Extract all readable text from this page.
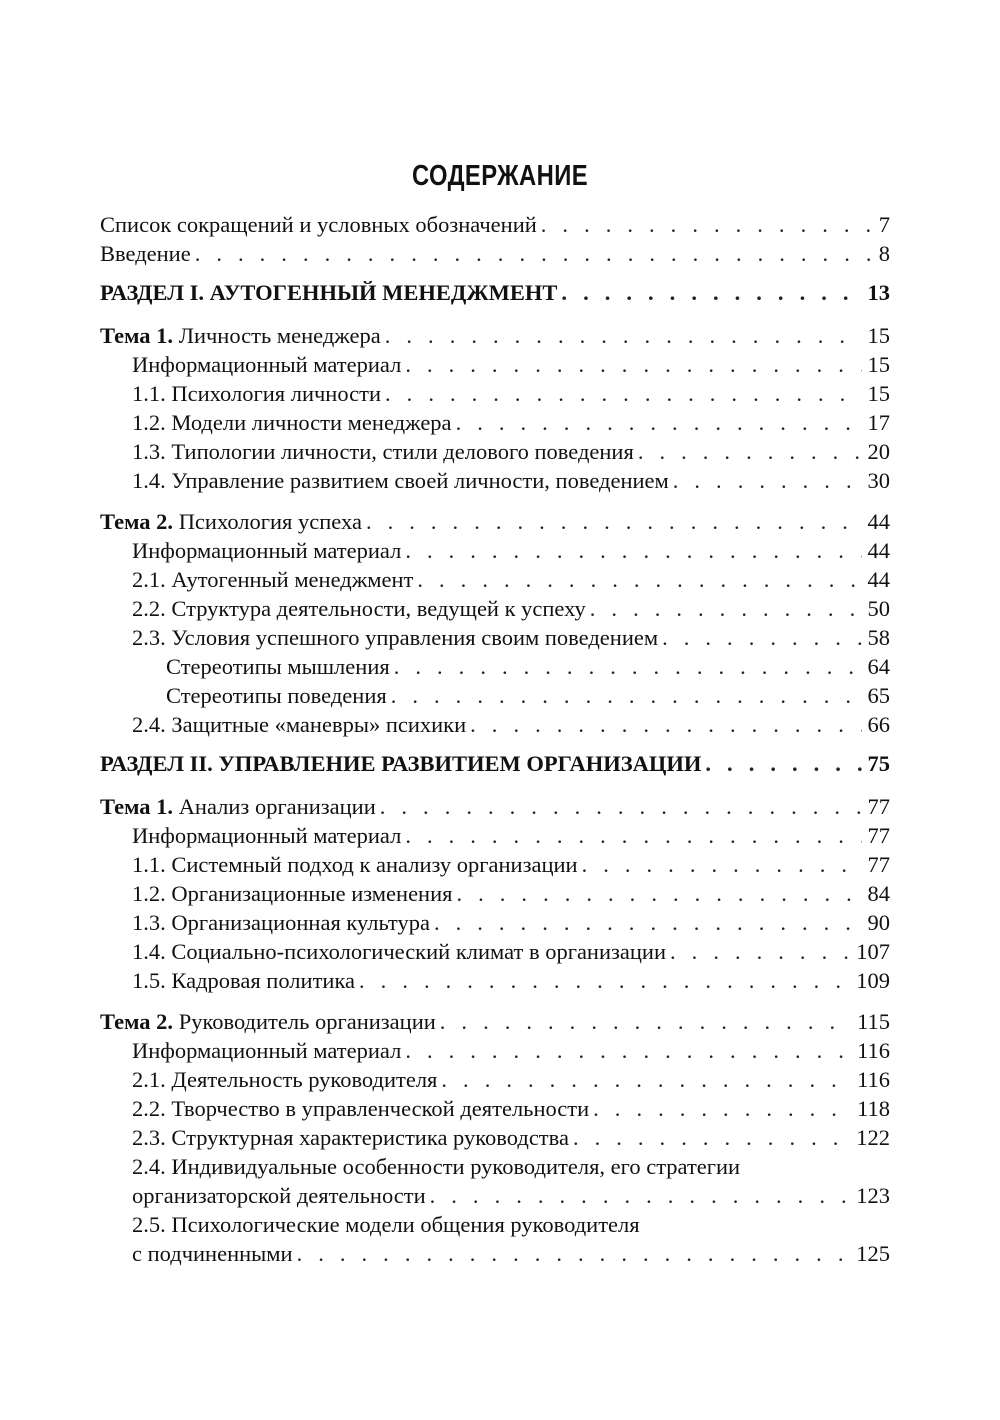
СОДЕРЖАНИЕ
Список сокращений и условных обозначений . . .	7
Введение . . .	8
РАЗДЕЛ I. АУТОГЕННЫЙ МЕНЕДЖМЕНТ . . .	13
Тема 1. Личность менеджера . . .	15
Информационный материал . . .	15
1.1. Психология личности . . .	15
1.2. Модели личности менеджера . . .	17
1.3. Типологии личности, стили делового поведения . . .	20
1.4. Управление развитием своей личности, поведением . . .	30
Тема 2. Психология успеха . . .	44
Информационный материал . . .	44
2.1. Аутогенный менеджмент . . .	44
2.2. Структура деятельности, ведущей к успеху . . .	50
2.3. Условия успешного управления своим поведением . . .	58
Стереотипы мышления . . .	64
Стереотипы поведения . . .	65
2.4. Защитные «маневры» психики . . .	66
РАЗДЕЛ II. УПРАВЛЕНИЕ РАЗВИТИЕМ ОРГАНИЗАЦИИ . . .	75
Тема 1. Анализ организации . . .	77
Информационный материал . . .	77
1.1. Системный подход к анализу организации . . .	77
1.2. Организационные изменения . . .	84
1.3. Организационная культура . . .	90
1.4. Социально-психологический климат в организации . . .	107
1.5. Кадровая политика . . .	109
Тема 2. Руководитель организации . . .	115
Информационный материал . . .	116
2.1. Деятельность руководителя . . .	116
2.2. Творчество в управленческой деятельности . . .	118
2.3. Структурная характеристика руководства . . .	122
2.4. Индивидуальные особенности руководителя, его стратегии
организаторской деятельности . . .	123
2.5. Психологические модели общения руководителя
с подчиненными . . .	125
